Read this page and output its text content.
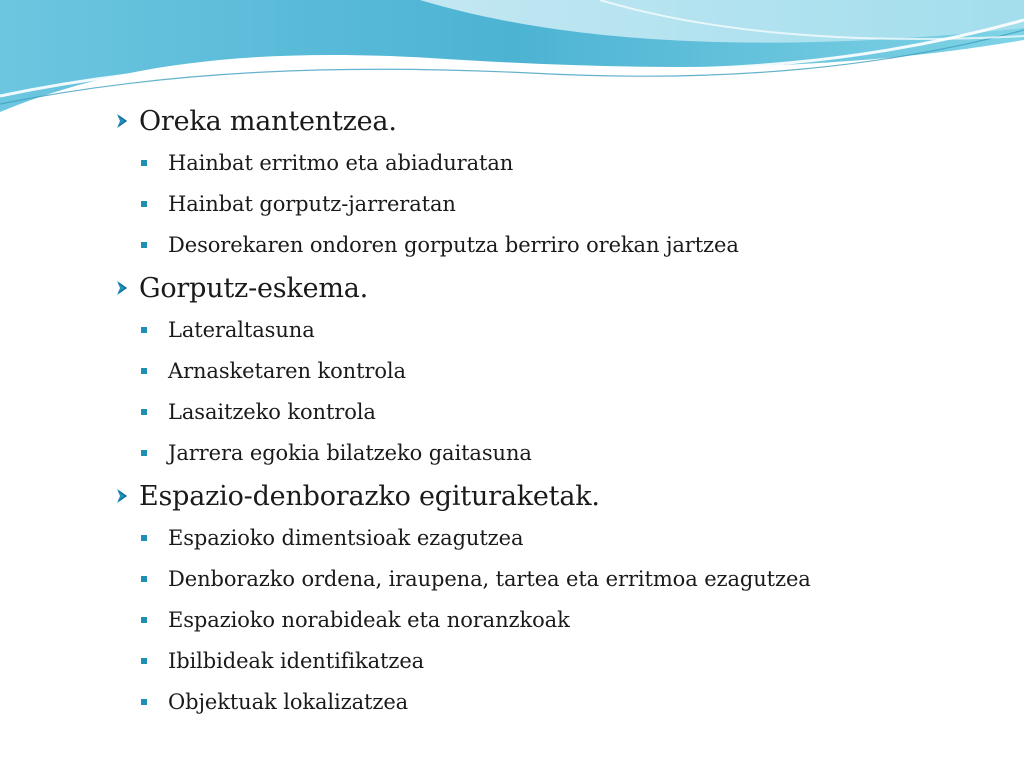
Oreka mantentzea.
Hainbat erritmo eta abiaduratan
Hainbat gorputz-jarreratan
Desorekaren ondoren gorputza berriro orekan jartzea
Gorputz-eskema.
Lateraltasuna
Arnasketaren kontrola
Lasaitzeko kontrola
Jarrera egokia bilatzeko gaitasuna
Espazio-denborazko egituraketak.
Espazioko dimentsioak ezagutzea
Denborazko ordena, iraupena, tartea eta erritmoa ezagutzea
Espazioko norabideak eta noranzkoak
Ibilbideak identifikatzea
Objektuak lokalizatzea
